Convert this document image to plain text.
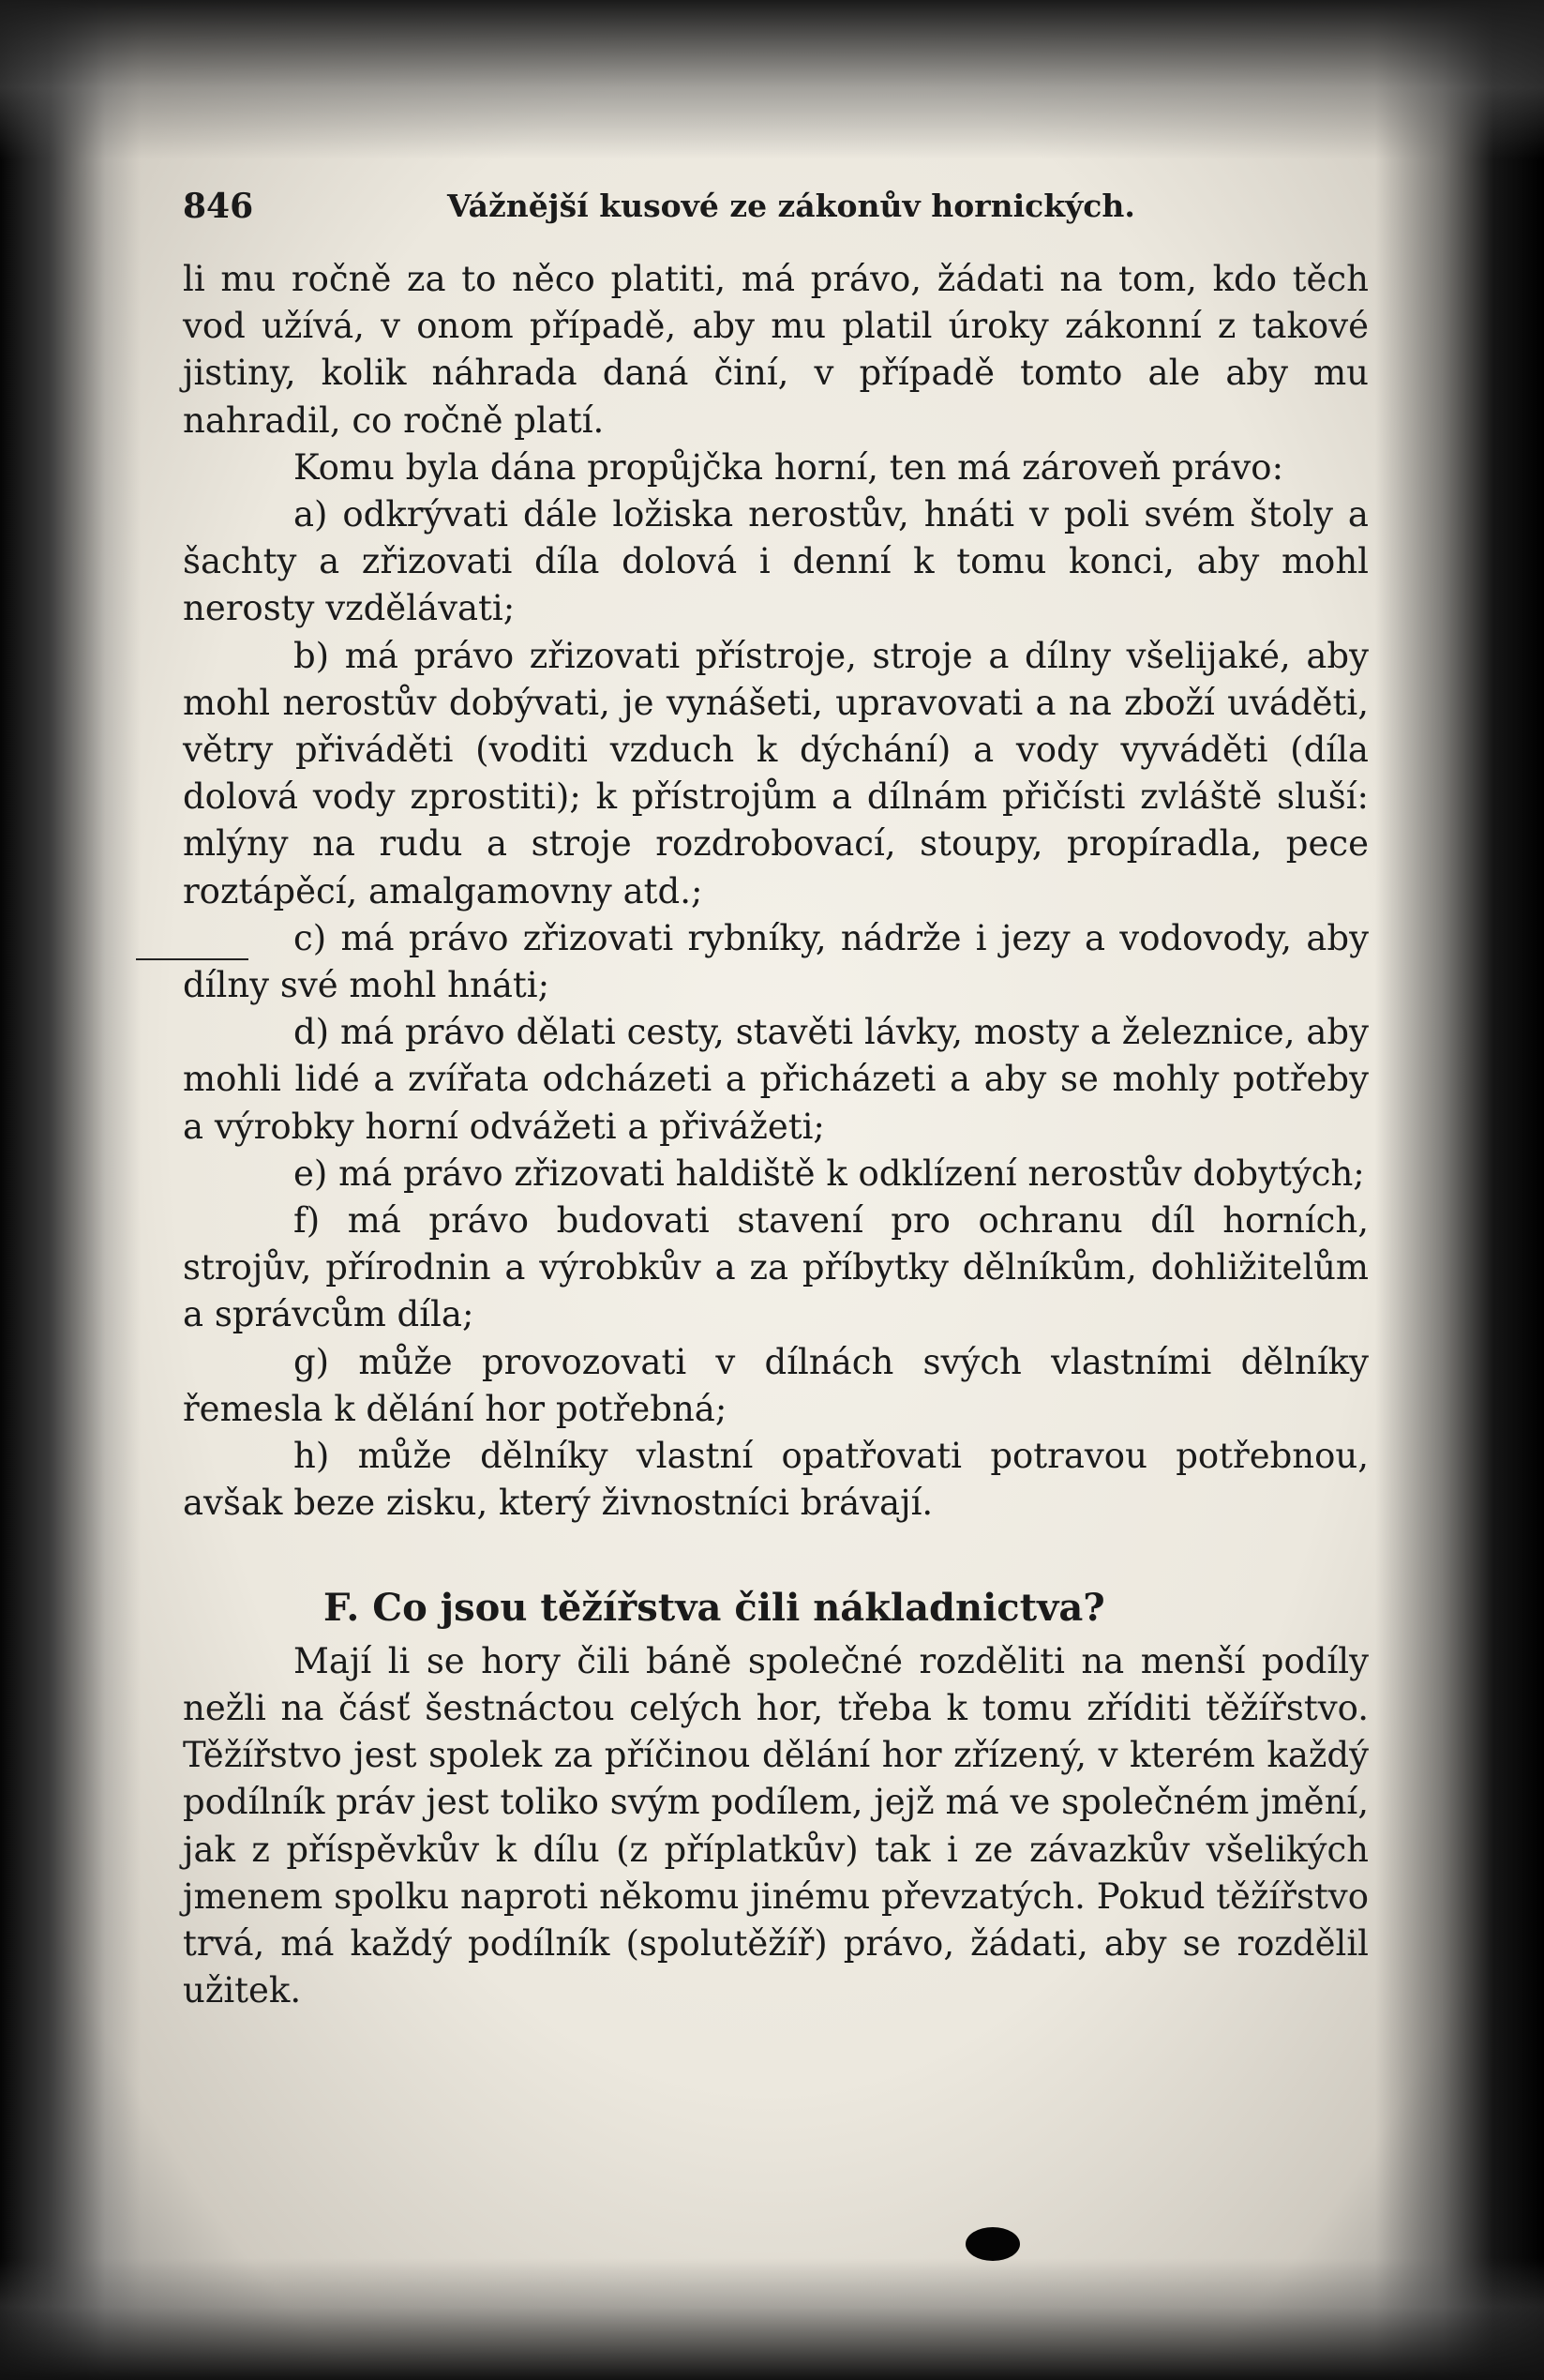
846	Vážnější kusové ze zákonův hornických.

li mu ročně za to něco platiti, má právo, žádati na tom, kdo těch vod užívá, v onom případě, aby mu platil úroky zákonní z takové jistiny, kolik náhrada daná činí, v případě tomto ale aby mu nahradil, co ročně platí.

Komu byla dána propůjčka horní, ten má zároveň právo:

a) odkrývati dále ložiska nerostův, hnáti v poli svém štoly a šachty a zřizovati díla dolová i denní k tomu konci, aby mohl nerosty vzdělávati;

b) má právo zřizovati přístroje, stroje a dílny všelijaké, aby mohl nerostův dobývati, je vynášeti, upravovati a na zboží uváděti, větry přiváděti (voditi vzduch k dýchání) a vody vyváděti (díla dolová vody zprostiti); k přístrojům a dílnám přičísti zvláště sluší: mlýny na rudu a stroje rozdrobovací, stoupy, propíradla, pece roztápěcí, amalgamovny atd.;

c) má právo zřizovati rybníky, nádrže i jezy a vodovody, aby dílny své mohl hnáti;

d) má právo dělati cesty, stavěti lávky, mosty a železnice, aby mohli lidé a zvířata odcházeti a přicházeti a aby se mohly potřeby a výrobky horní odvážeti a přivážeti;

e) má právo zřizovati haldiště k odklízení nerostův dobytých;

f) má právo budovati stavení pro ochranu díl horních, strojův, přírodnin a výrobkův a za příbytky dělníkům, dohližitelům a správcům díla;

g) může provozovati v dílnách svých vlastními dělníky řemesla k dělání hor potřebná;

h) může dělníky vlastní opatřovati potravou potřebnou, avšak beze zisku, který živnostníci brávají.

F. Co jsou těžířstva čili nákladnictva?

Mají li se hory čili báně společné rozděliti na menší podíly nežli na čásť šestnáctou celých hor, třeba k tomu zříditi těžířstvo. Těžířstvo jest spolek za příčinou dělání hor zřízený, v kterém každý podílník práv jest toliko svým podílem, jejž má ve společném jmění, jak z příspěvkův k dílu (z příplatkův) tak i ze závazkův všelikých jmenem spolku naproti někomu jinému převzatých. Pokud těžířstvo trvá, má každý podílník (spolutěžíř) právo, žádati, aby se rozdělil užitek.
